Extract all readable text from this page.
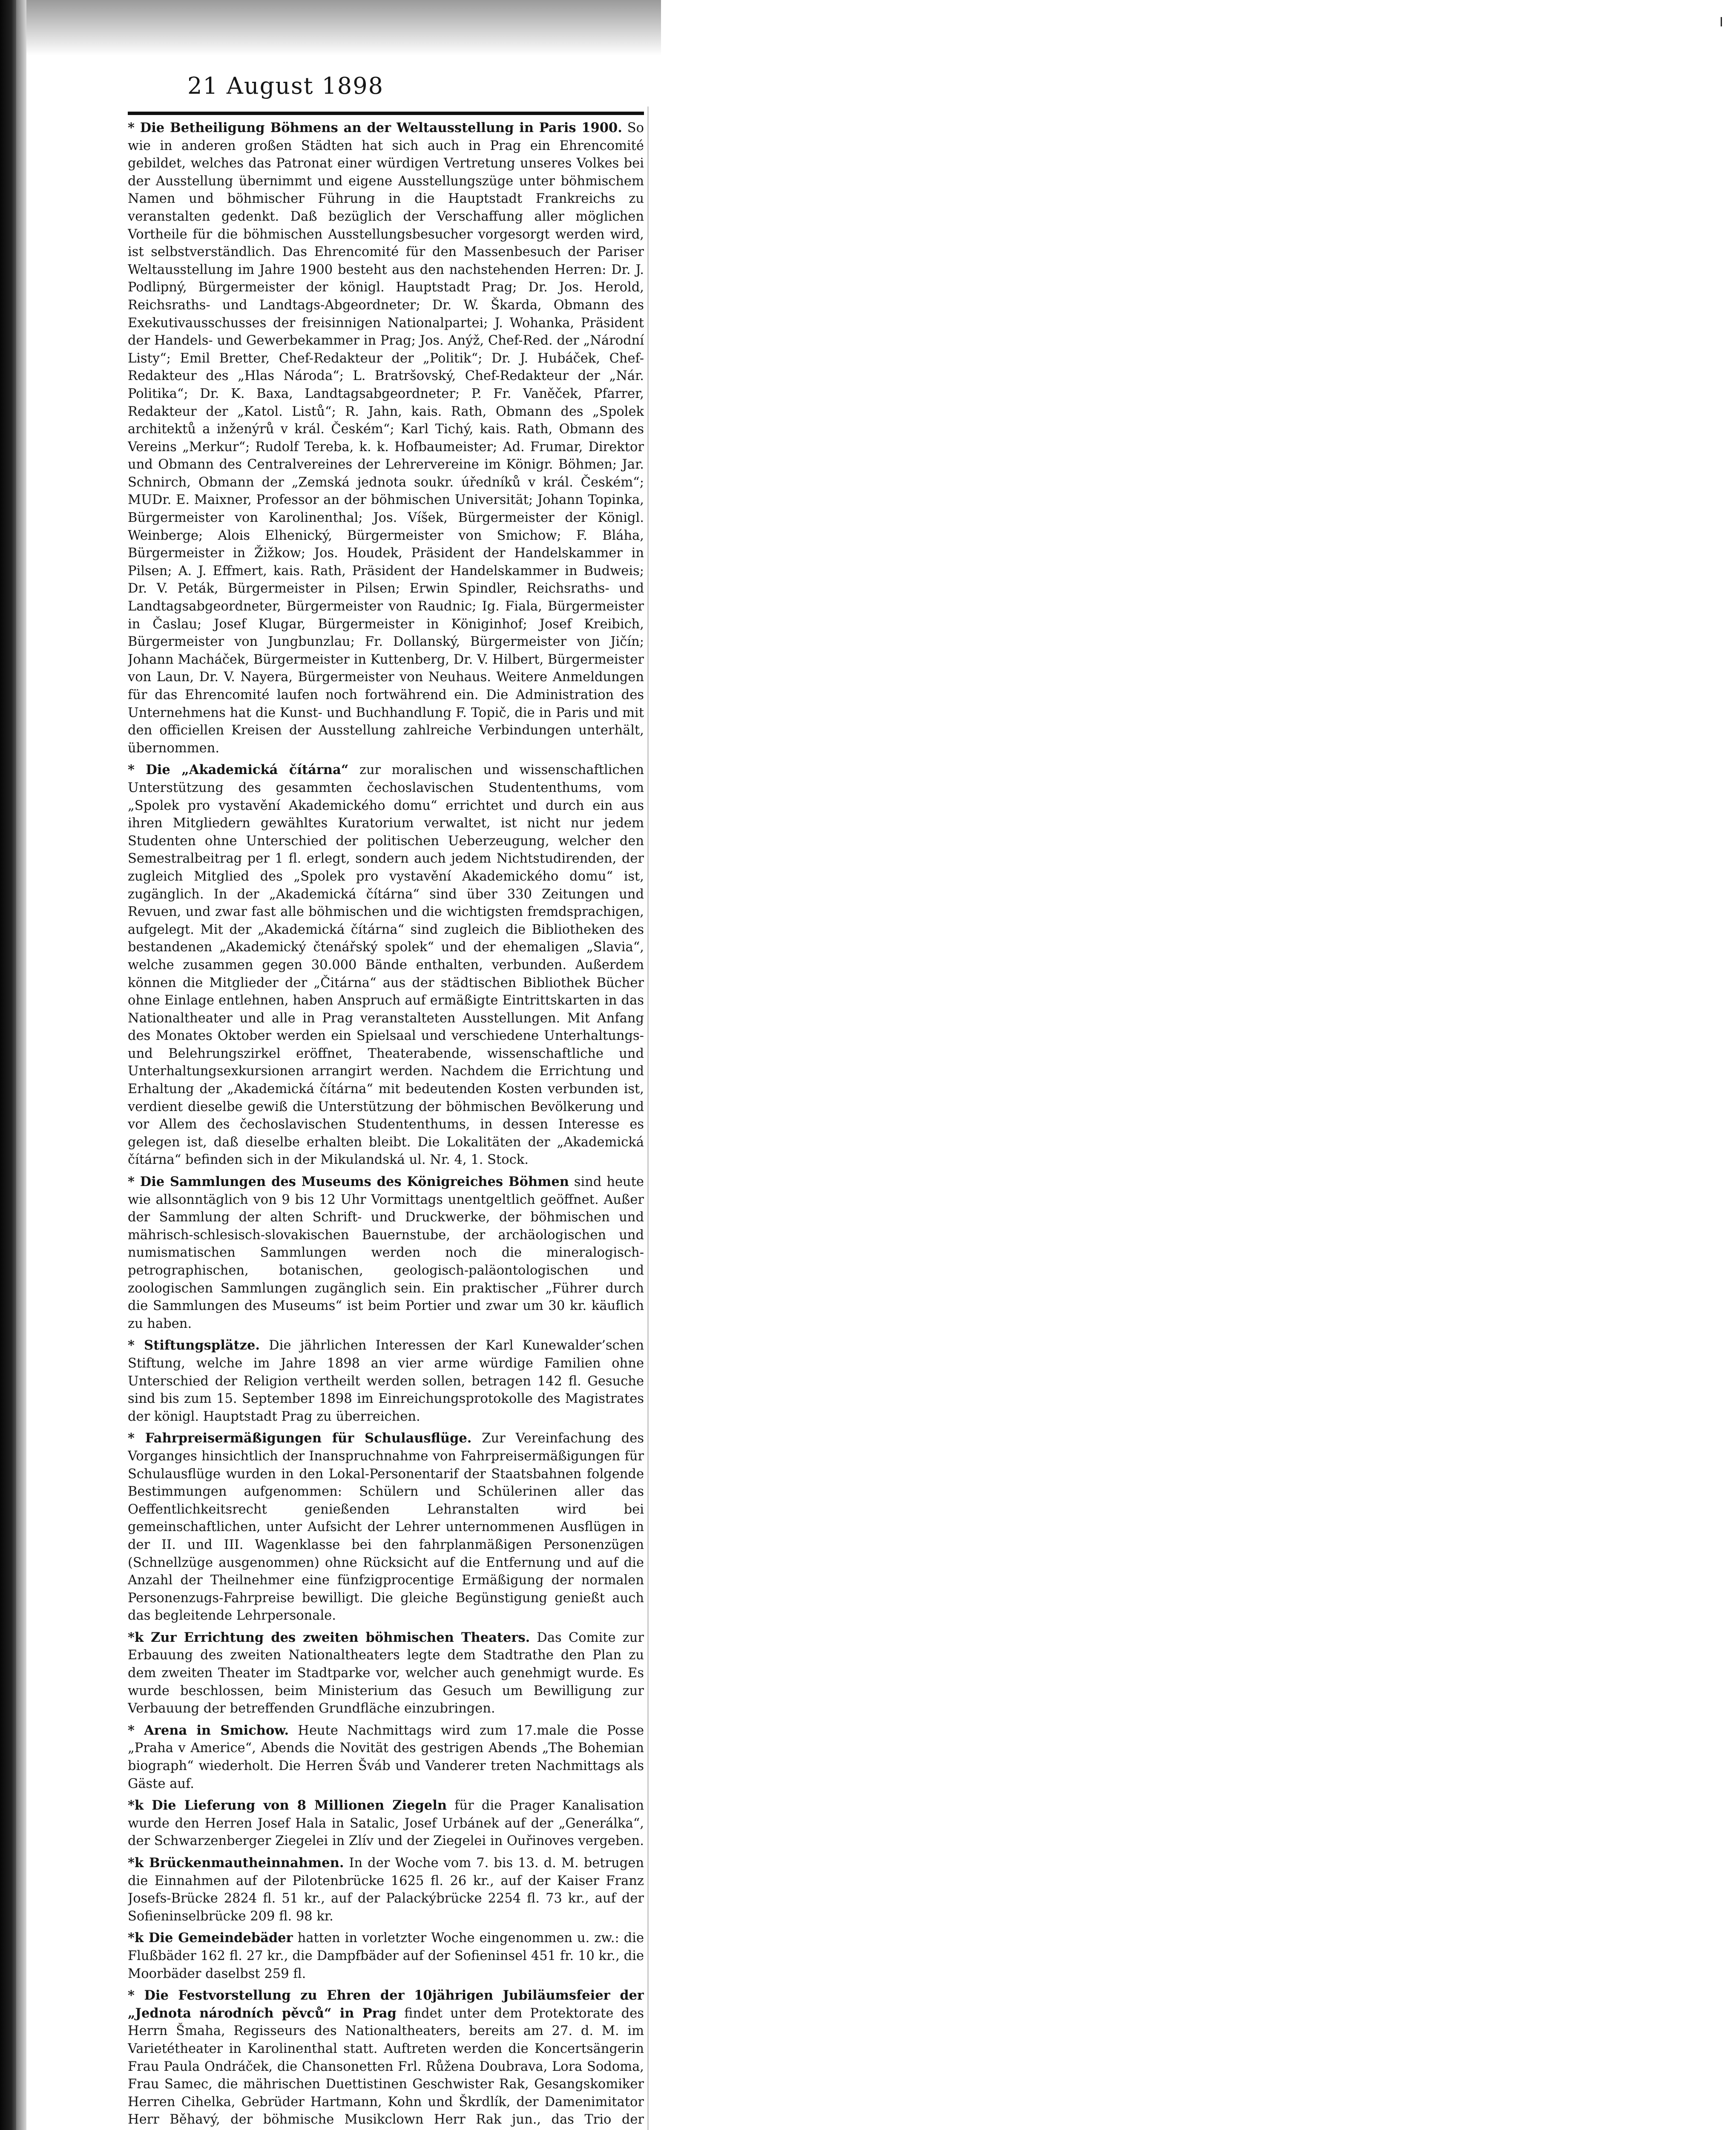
21 August 1898

* Die Betheiligung Böhmens an der Weltausstellung in Paris 1900. So wie in anderen großen Städten hat sich auch in Prag ein Ehrencomité gebildet, welches das Patronat einer würdigen Vertretung unseres Volkes bei der Ausstellung übernimmt und eigene Ausstellungszüge unter böhmischem Namen und böhmischer Führung in die Hauptstadt Frankreichs zu veranstalten gedenkt. Daß bezüglich der Verschaffung aller möglichen Vortheile für die böhmischen Ausstellungsbesucher vorgesorgt werden wird, ist selbstverständlich. Das Ehrencomité für den Massenbesuch der Pariser Weltausstellung im Jahre 1900 besteht aus den nachstehenden Herren: Dr. J. Podlipný, Bürgermeister der königl. Hauptstadt Prag; Dr. Jos. Herold, Reichsraths- und Landtags-Abgeordneter; Dr. W. Škarda, Obmann des Exekutivausschusses der freisinnigen Nationalpartei; J. Wohanka, Präsident der Handels- und Gewerbekammer in Prag; Jos. Anýž, Chef-Red. der „Národní Listy“; Emil Bretter, Chef-Redakteur der „Politik“; Dr. J. Hubáček, Chef-Redakteur des „Hlas Národa“; L. Bratršovský, Chef-Redakteur der „Nár. Politika“; Dr. K. Baxa, Landtagsabgeordneter; P. Fr. Vaněček, Pfarrer, Redakteur der „Katol. Listů“; R. Jahn, kais. Rath, Obmann des „Spolek architektů a inženýrů v král. Českém“; Karl Tichý, kais. Rath, Obmann des Vereins „Merkur“; Rudolf Tereba, k. k. Hofbaumeister; Ad. Frumar, Direktor und Obmann des Centralvereines der Lehrervereine im Königr. Böhmen; Jar. Schnirch, Obmann der „Zemská jednota soukr. úředníků v král. Českém“; MUDr. E. Maixner, Professor an der böhmischen Universität; Johann Topinka, Bürgermeister von Karolinenthal; Jos. Víšek, Bürgermeister der Königl. Weinberge; Alois Elhenický, Bürgermeister von Smichow; F. Bláha, Bürgermeister in Žižkow; Jos. Houdek, Präsident der Handelskammer in Pilsen; A. J. Effmert, kais. Rath, Präsident der Handelskammer in Budweis; Dr. V. Peták, Bürgermeister in Pilsen; Erwin Spindler, Reichsraths- und Landtagsabgeordneter, Bürgermeister von Raudnic; Ig. Fiala, Bürgermeister in Časlau; Josef Klugar, Bürgermeister in Königinhof; Josef Kreibich, Bürgermeister von Jungbunzlau; Fr. Dollanský, Bürgermeister von Jičín; Johann Macháček, Bürgermeister in Kuttenberg, Dr. V. Hilbert, Bürgermeister von Laun, Dr. V. Nayera, Bürgermeister von Neuhaus. Weitere Anmeldungen für das Ehrencomité laufen noch fortwährend ein. Die Administration des Unternehmens hat die Kunst- und Buchhandlung F. Topič, die in Paris und mit den officiellen Kreisen der Ausstellung zahlreiche Verbindungen unterhält, übernommen.

* Die „Akademická čítárna“ zur moralischen und wissenschaftlichen Unterstützung des gesammten čechoslavischen Studententhums, vom „Spolek pro vystavění Akademického domu“ errichtet und durch ein aus ihren Mitgliedern gewähltes Kuratorium verwaltet, ist nicht nur jedem Studenten ohne Unterschied der politischen Ueberzeugung, welcher den Semestralbeitrag per 1 fl. erlegt, sondern auch jedem Nichtstudirenden, der zugleich Mitglied des „Spolek pro vystavění Akademického domu“ ist, zugänglich. In der „Akademická čítárna“ sind über 330 Zeitungen und Revuen, und zwar fast alle böhmischen und die wichtigsten fremdsprachigen, aufgelegt. Mit der „Akademická čítárna“ sind zugleich die Bibliotheken des bestandenen „Akademický čtenářský spolek“ und der ehemaligen „Slavia“, welche zusammen gegen 30.000 Bände enthalten, verbunden. Außerdem können die Mitglieder der „Čitárna“ aus der städtischen Bibliothek Bücher ohne Einlage entlehnen, haben Anspruch auf ermäßigte Eintrittskarten in das Nationaltheater und alle in Prag veranstalteten Ausstellungen. Mit Anfang des Monates Oktober werden ein Spielsaal und verschiedene Unterhaltungs- und Belehrungszirkel eröffnet, Theaterabende, wissenschaftliche und Unterhaltungsexkursionen arrangirt werden. Nachdem die Errichtung und Erhaltung der „Akademická čítárna“ mit bedeutenden Kosten verbunden ist, verdient dieselbe gewiß die Unterstützung der böhmischen Bevölkerung und vor Allem des čechoslavischen Studententhums, in dessen Interesse es gelegen ist, daß dieselbe erhalten bleibt. Die Lokalitäten der „Akademická čítárna“ befinden sich in der Mikulandská ul. Nr. 4, 1. Stock.

* Die Sammlungen des Museums des Königreiches Böhmen sind heute wie allsonntäglich von 9 bis 12 Uhr Vormittags unentgeltlich geöffnet. Außer der Sammlung der alten Schrift- und Druckwerke, der böhmischen und mährisch-schlesisch-slovakischen Bauernstube, der archäologischen und numismatischen Sammlungen werden noch die mineralogisch-petrographischen, botanischen, geologisch-paläontologischen und zoologischen Sammlungen zugänglich sein. Ein praktischer „Führer durch die Sammlungen des Museums“ ist beim Portier und zwar um 30 kr. käuflich zu haben.

* Stiftungsplätze. Die jährlichen Interessen der Karl Kunewalder’schen Stiftung, welche im Jahre 1898 an vier arme würdige Familien ohne Unterschied der Religion vertheilt werden sollen, betragen 142 fl. Gesuche sind bis zum 15. September 1898 im Einreichungsprotokolle des Magistrates der königl. Hauptstadt Prag zu überreichen.

* Fahrpreisermäßigungen für Schulausflüge. Zur Vereinfachung des Vorganges hinsichtlich der Inanspruchnahme von Fahrpreisermäßigungen für Schulausflüge wurden in den Lokal-Personentarif der Staatsbahnen folgende Bestimmungen aufgenommen: Schülern und Schülerinen aller das Oeffentlichkeitsrecht genießenden Lehranstalten wird bei gemeinschaftlichen, unter Aufsicht der Lehrer unternommenen Ausflügen in der II. und III. Wagenklasse bei den fahrplanmäßigen Personenzügen (Schnellzüge ausgenommen) ohne Rücksicht auf die Entfernung und auf die Anzahl der Theilnehmer eine fünfzigprocentige Ermäßigung der normalen Personenzugs-Fahrpreise bewilligt. Die gleiche Begünstigung genießt auch das begleitende Lehrpersonale.

*k Zur Errichtung des zweiten böhmischen Theaters. Das Comite zur Erbauung des zweiten Nationaltheaters legte dem Stadtrathe den Plan zu dem zweiten Theater im Stadtparke vor, welcher auch genehmigt wurde. Es wurde beschlossen, beim Ministerium das Gesuch um Bewilligung zur Verbauung der betreffenden Grundfläche einzubringen.

* Arena in Smichow. Heute Nachmittags wird zum 17.male die Posse „Praha v Americe“, Abends die Novität des gestrigen Abends „The Bohemian biograph“ wiederholt. Die Herren Šváb und Vanderer treten Nachmittags als Gäste auf.

*k Die Lieferung von 8 Millionen Ziegeln für die Prager Kanalisation wurde den Herren Josef Hala in Satalic, Josef Urbánek auf der „Generálka“, der Schwarzenberger Ziegelei in Zlív und der Ziegelei in Ouřinoves vergeben.

*k Brückenmautheinnahmen. In der Woche vom 7. bis 13. d. M. betrugen die Einnahmen auf der Pilotenbrücke 1625 fl. 26 kr., auf der Kaiser Franz Josefs-Brücke 2824 fl. 51 kr., auf der Palackýbrücke 2254 fl. 73 kr., auf der Sofieninselbrücke 209 fl. 98 kr.

*k Die Gemeindebäder hatten in vorletzter Woche eingenommen u. zw.: die Flußbäder 162 fl. 27 kr., die Dampfbäder auf der Sofieninsel 451 fr. 10 kr., die Moorbäder daselbst 259 fl.

* Die Festvorstellung zu Ehren der 10jährigen Jubiläumsfeier der „Jednota národních pěvců“ in Prag findet unter dem Protektorate des Herrn Šmaha, Regisseurs des Nationaltheaters, bereits am 27. d. M. im Varietétheater in Karolinenthal statt. Auftreten werden die Koncertsängerin Frau Paula Ondráček, die Chansonetten Frl. Růžena Doubrava, Lora Sodoma, Frau Samec, die mährischen Duettistinen Geschwister Rak, Gesangskomiker Herren Cihelka, Gebrüder Hartmann, Kohn und Škrdlík, der Damenimitator Herr Běhavý, der böhmische Musikclown Herr Rak jun., das Trio der
